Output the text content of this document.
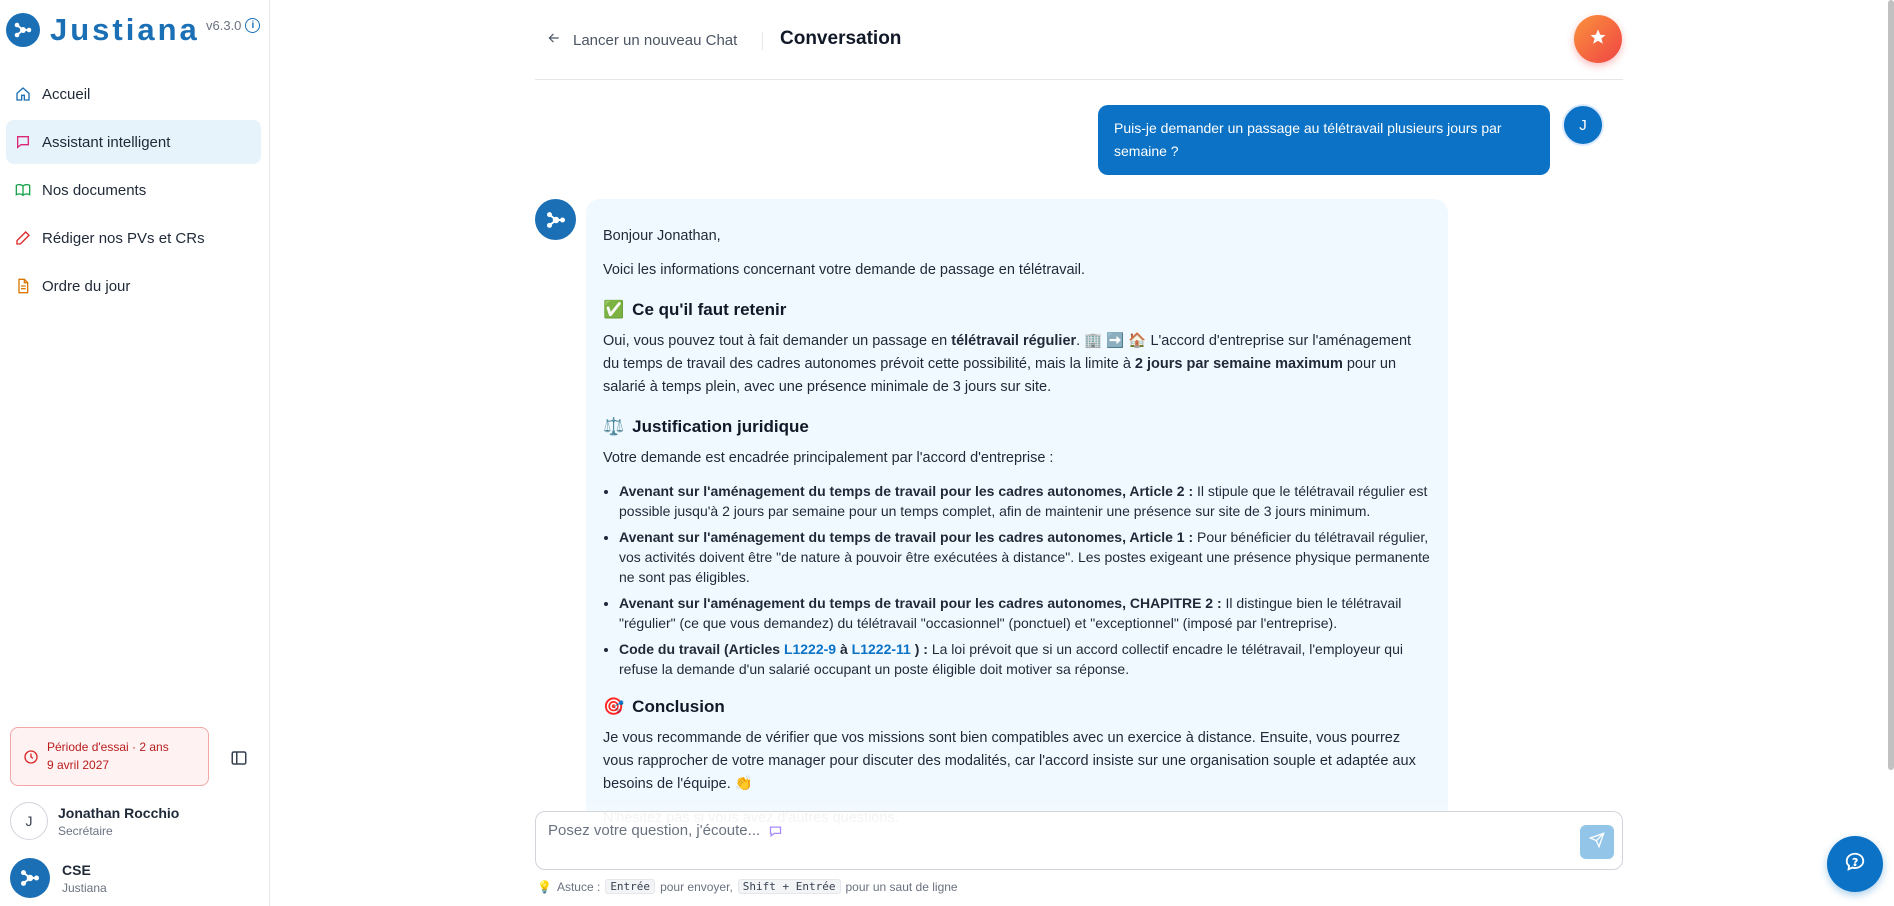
Justiana v6.3.0	i
Accueil
Assistant intelligent
Nos documents
Rédiger nos PVs et CRs
Ordre du jour
Période d'essai · 2 ans
9 avril 2027
J
Jonathan Rocchio
Secrétaire
CSE
Justiana
Lancer un nouveau Chat Conversation
Puis-je demander un passage au télétravail plusieurs jours par semaine ?
J

Bonjour Jonathan,

Voici les informations concernant votre demande de passage en télétravail.

✅ Ce qu'il faut retenir

Oui, vous pouvez tout à fait demander un passage en télétravail régulier. 🏢 ➡️ 🏠 L'accord d'entreprise sur l'aménagement du temps de travail des cadres autonomes prévoit cette possibilité, mais la limite à 2 jours par semaine maximum pour un salarié à temps plein, avec une présence minimale de 3 jours sur site.

⚖️ Justification juridique

Votre demande est encadrée principalement par l'accord d'entreprise :

• Avenant sur l'aménagement du temps de travail pour les cadres autonomes, Article 2 : Il stipule que le télétravail régulier est possible jusqu'à 2 jours par semaine pour un temps complet, afin de maintenir une présence sur site de 3 jours minimum.
• Avenant sur l'aménagement du temps de travail pour les cadres autonomes, Article 1 : Pour bénéficier du télétravail régulier, vos activités doivent être "de nature à pouvoir être exécutées à distance". Les postes exigeant une présence physique permanente ne sont pas éligibles.
• Avenant sur l'aménagement du temps de travail pour les cadres autonomes, CHAPITRE 2 : Il distingue bien le télétravail "régulier" (ce que vous demandez) du télétravail "occasionnel" (ponctuel) et "exceptionnel" (imposé par l'entreprise).
• Code du travail (Articles L1222-9 à L1222-11 ) : La loi prévoit que si un accord collectif encadre le télétravail, l'employeur qui refuse la demande d'un salarié occupant un poste éligible doit motiver sa réponse.
🎯 Conclusion

Je vous recommande de vérifier que vos missions sont bien compatibles avec un exercice à distance. Ensuite, vous pourrez vous rapprocher de votre manager pour discuter des modalités, car l'accord insiste sur une organisation souple et adaptée aux besoins de l'équipe. 👏

Posez votre question, j'écoute...
💡 Astuce : Entrée pour envoyer, Shift + Entrée pour un saut de ligne
